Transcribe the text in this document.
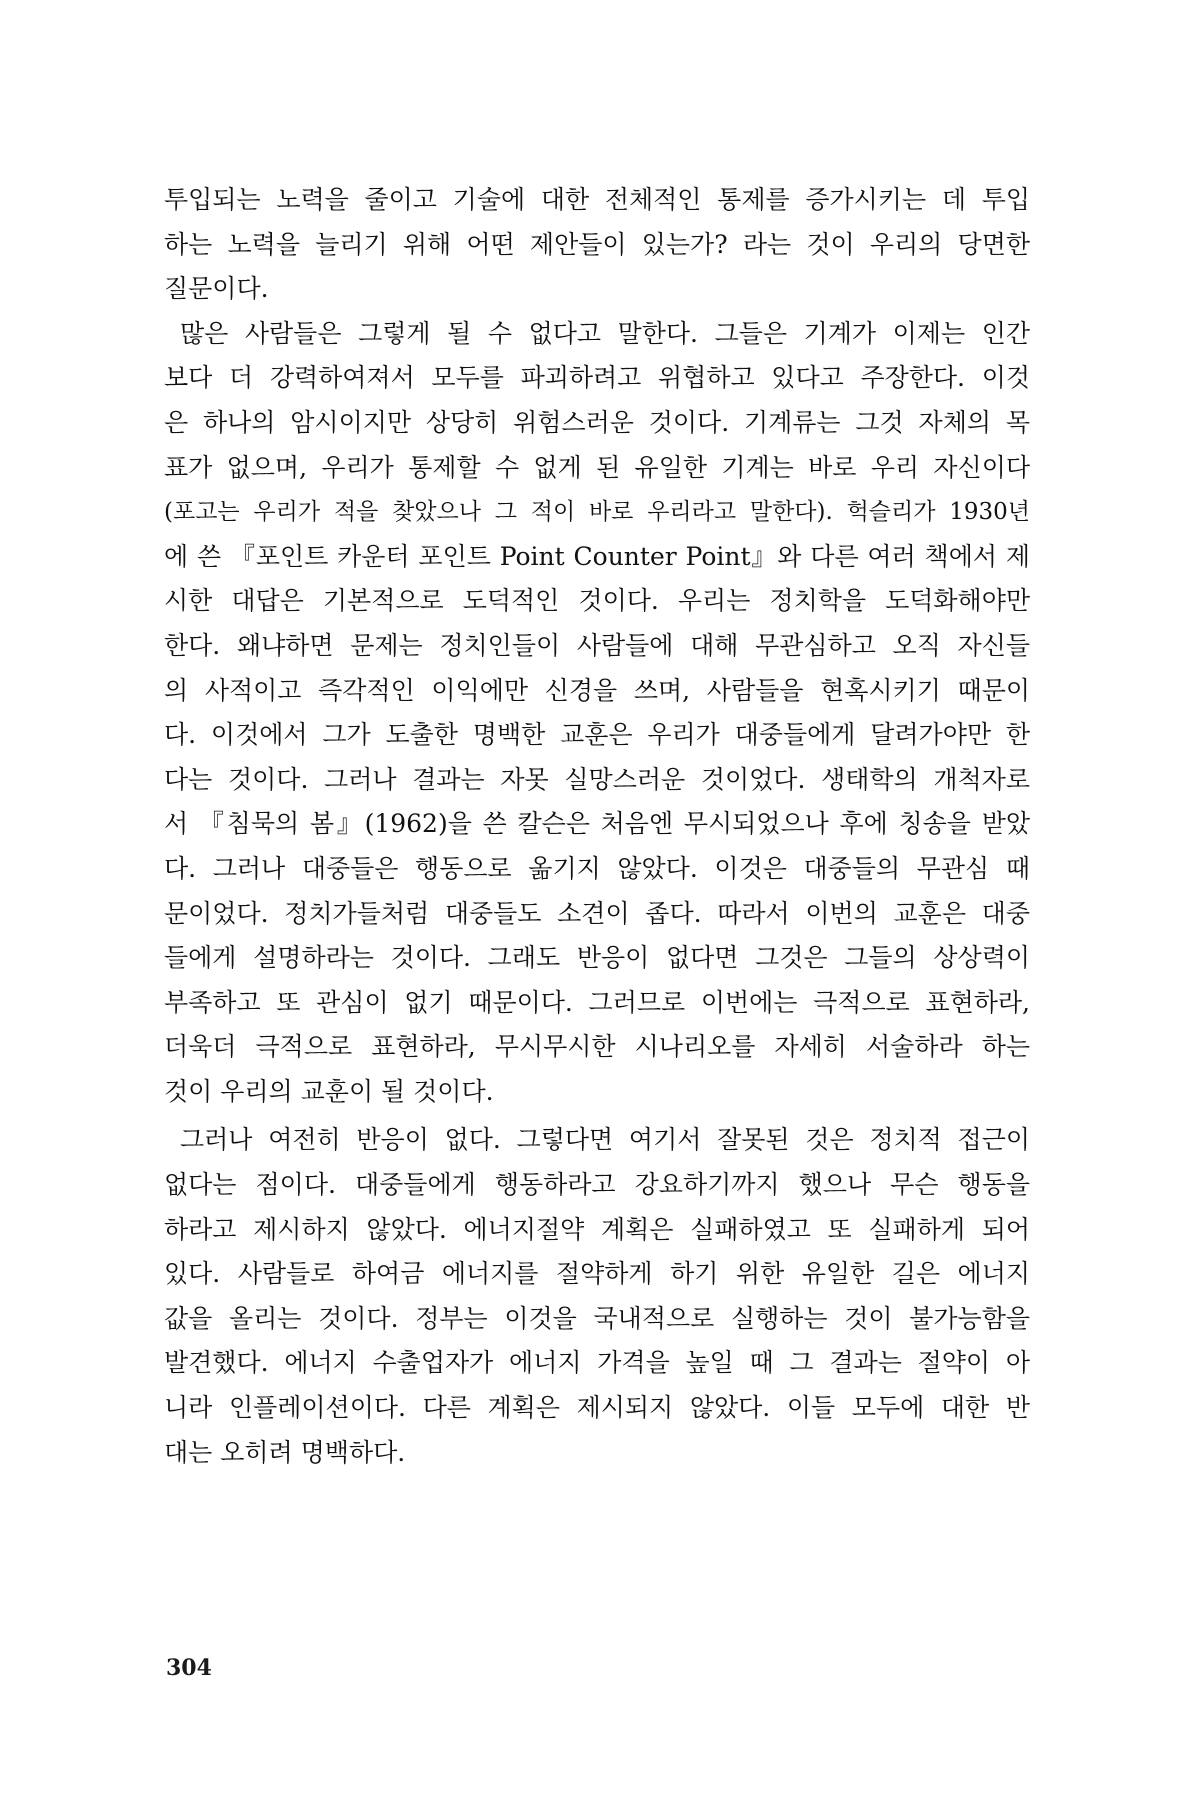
투입되는 노력을 줄이고 기술에 대한 전체적인 통제를 증가시키는 데 투입
하는 노력을 늘리기 위해 어떤 제안들이 있는가? 라는 것이 우리의 당면한
질문이다.
많은 사람들은 그렇게 될 수 없다고 말한다. 그들은 기계가 이제는 인간
보다 더 강력하여져서 모두를 파괴하려고 위협하고 있다고 주장한다. 이것
은 하나의 암시이지만 상당히 위험스러운 것이다. 기계류는 그것 자체의 목
표가 없으며, 우리가 통제할 수 없게 된 유일한 기계는 바로 우리 자신이다
(포고는 우리가 적을 찾았으나 그 적이 바로 우리라고 말한다). 헉슬리가 1930년
에 쓴 『포인트 카운터 포인트 Point Counter Point』와 다른 여러 책에서 제
시한 대답은 기본적으로 도덕적인 것이다. 우리는 정치학을 도덕화해야만
한다. 왜냐하면 문제는 정치인들이 사람들에 대해 무관심하고 오직 자신들
의 사적이고 즉각적인 이익에만 신경을 쓰며, 사람들을 현혹시키기 때문이
다. 이것에서 그가 도출한 명백한 교훈은 우리가 대중들에게 달려가야만 한
다는 것이다. 그러나 결과는 자못 실망스러운 것이었다. 생태학의 개척자로
서 『침묵의 봄』(1962)을 쓴 칼슨은 처음엔 무시되었으나 후에 칭송을 받았
다. 그러나 대중들은 행동으로 옮기지 않았다. 이것은 대중들의 무관심 때
문이었다. 정치가들처럼 대중들도 소견이 좁다. 따라서 이번의 교훈은 대중
들에게 설명하라는 것이다. 그래도 반응이 없다면 그것은 그들의 상상력이
부족하고 또 관심이 없기 때문이다. 그러므로 이번에는 극적으로 표현하라,
더욱더 극적으로 표현하라, 무시무시한 시나리오를 자세히 서술하라 하는
것이 우리의 교훈이 될 것이다.
그러나 여전히 반응이 없다. 그렇다면 여기서 잘못된 것은 정치적 접근이
없다는 점이다. 대중들에게 행동하라고 강요하기까지 했으나 무슨 행동을
하라고 제시하지 않았다. 에너지절약 계획은 실패하였고 또 실패하게 되어
있다. 사람들로 하여금 에너지를 절약하게 하기 위한 유일한 길은 에너지
값을 올리는 것이다. 정부는 이것을 국내적으로 실행하는 것이 불가능함을
발견했다. 에너지 수출업자가 에너지 가격을 높일 때 그 결과는 절약이 아
니라 인플레이션이다. 다른 계획은 제시되지 않았다. 이들 모두에 대한 반
대는 오히려 명백하다.
304
